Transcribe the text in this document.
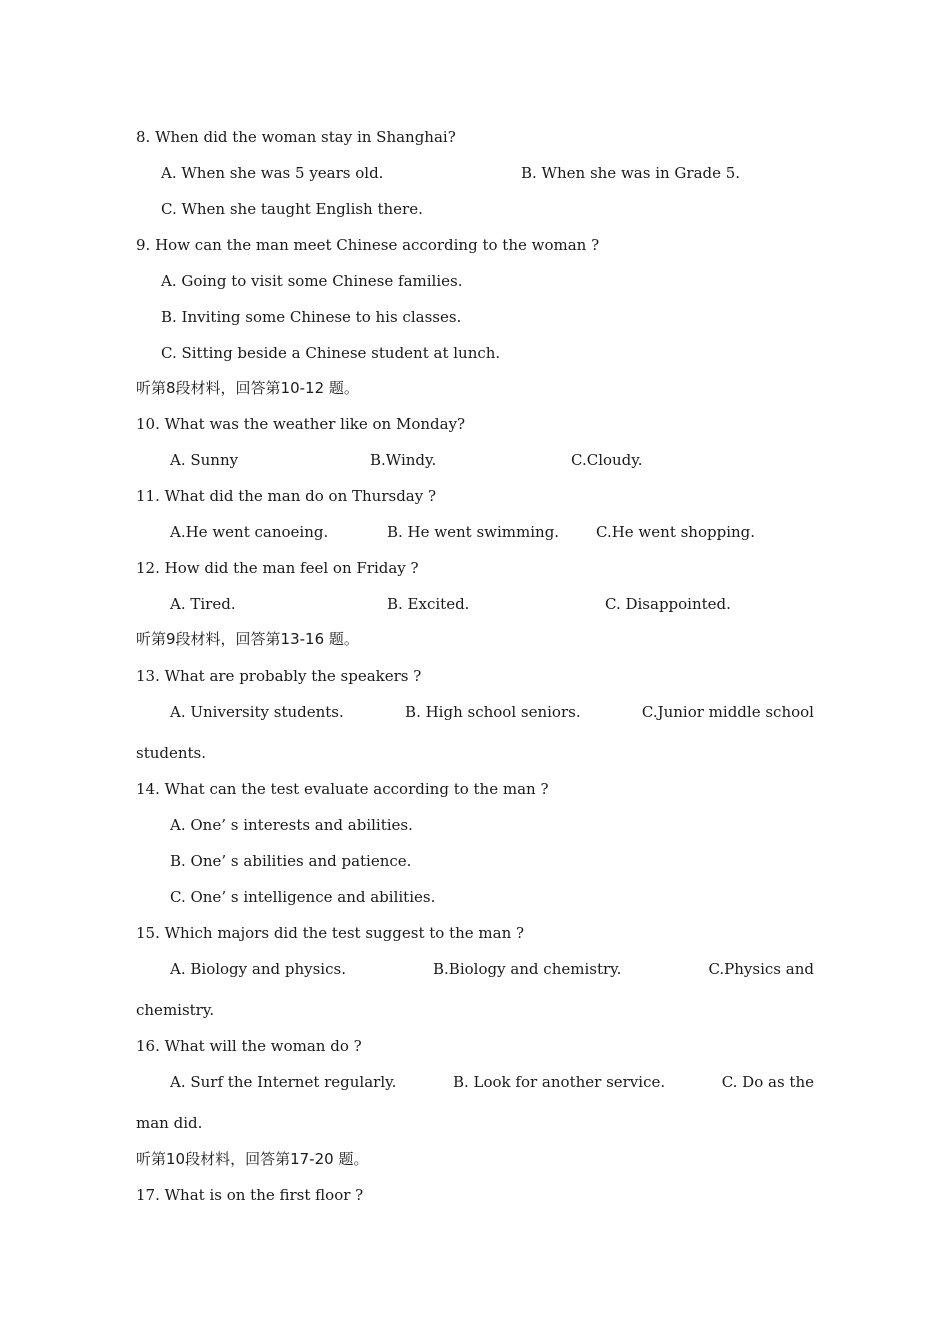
8. When did the woman stay in Shanghai?
A. When she was 5 years old.	B. When she was in Grade 5.
C. When she taught English there.
9. How can the man meet Chinese according to the woman ?
A. Going to visit some Chinese families.
B. Inviting some Chinese to his classes.
C. Sitting beside a Chinese student at lunch.
听第8段材料，回答第10-12 题。
10. What was the weather like on Monday?
A. Sunny	B.Windy.	C.Cloudy.
11. What did the man do on Thursday ?
A.He went canoeing.	B. He went swimming. C.He went shopping.
12. How did the man feel on Friday ?
A. Tired.	B. Excited.	C. Disappointed.
听第9段材料，回答第13-16 题。
13. What are probably the speakers ?
A. University students.	B. High school seniors.	C.Junior middle school
students.
14. What can the test evaluate according to the man ?
A. One’ s interests and abilities.
B. One’ s abilities and patience.
C. One’ s intelligence and abilities.
15. Which majors did the test suggest to the man ?
A. Biology and physics.	B.Biology and chemistry.	C.Physics and
chemistry.
16. What will the woman do ?
A. Surf the Internet regularly.	B. Look for another service.	C. Do as the
man did.
听第10段材料，回答第17-20 题。
17. What is on the first floor ?
